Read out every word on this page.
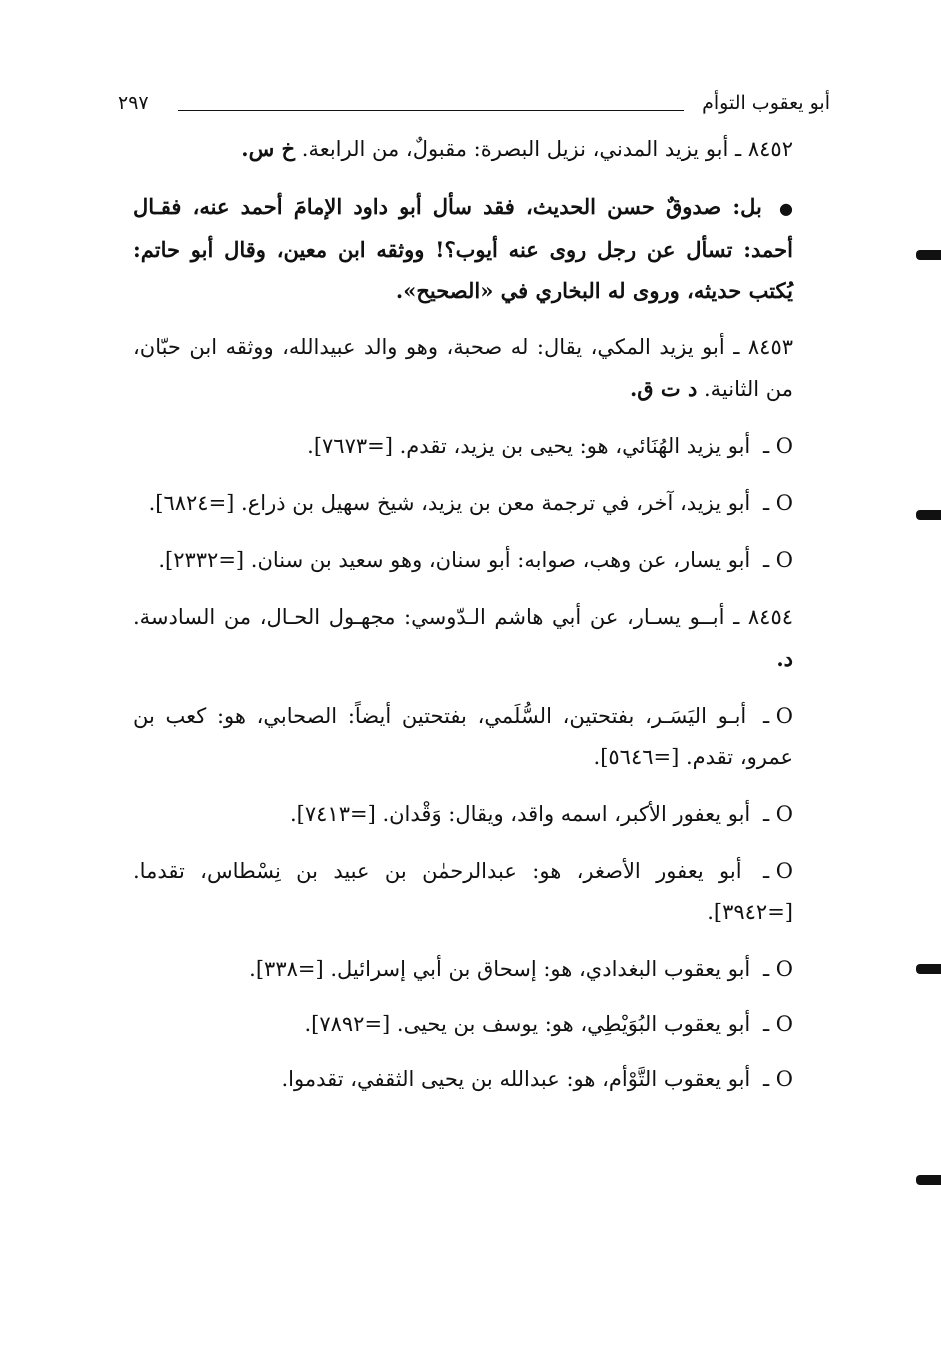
أبو يعقوب التوأم
٢٩٧

٨٤٥٢ ـ أبو يزيد المدني، نزيل البصرة: مقبولٌ، من الرابعة. خ س.

● بل: صدوقٌ حسن الحديث، فقد سأل أبو داود الإمامَ أحمد عنه، فقـال أحمد: تسأل عن رجل روى عنه أيوب؟! ووثقه ابن معين، وقال أبو حاتم: يُكتب حديثه، وروى له البخاري في «الصحيح».

٨٤٥٣ ـ أبو يزيد المكي، يقال: له صحبة، وهو والد عبيدالله، ووثقه ابن حبّان، من الثانية. د ت ق.

O ـ أبو يزيد الهُنَائي، هو: يحيى بن يزيد، تقدم. [=٧٦٧٣].

O ـ أبو يزيد، آخر، في ترجمة معن بن يزيد، شيخ سهيل بن ذراع. [=٦٨٢٤].

O ـ أبو يسار، عن وهب، صوابه: أبو سنان، وهو سعيد بن سنان. [=٢٣٣٢].

٨٤٥٤ ـ أبــو يسـار، عن أبي هاشم الـدّوسي: مجهـول الحـال، من السادسة. د.

O ـ أبـو اليَسَـر، بفتحتين، السُّلَمي، بفتحتين أيضاً: الصحابي، هو: كعب بن عمرو، تقدم. [=٥٦٤٦].

O ـ أبو يعفور الأكبر، اسمه واقد، ويقال: وَقْدان. [=٧٤١٣].

O ـ أبو يعفور الأصغر، هو: عبدالرحمٰن بن عبيد بن نِسْطاس، تقدما. [=٣٩٤٢].

O ـ أبو يعقوب البغدادي، هو: إسحاق بن أبي إسرائيل. [=٣٣٨].

O ـ أبو يعقوب البُوَيْطِي، هو: يوسف بن يحيى. [=٧٨٩٢].

O ـ أبو يعقوب التَّوْأم، هو: عبدالله بن يحيى الثقفي، تقدموا.
